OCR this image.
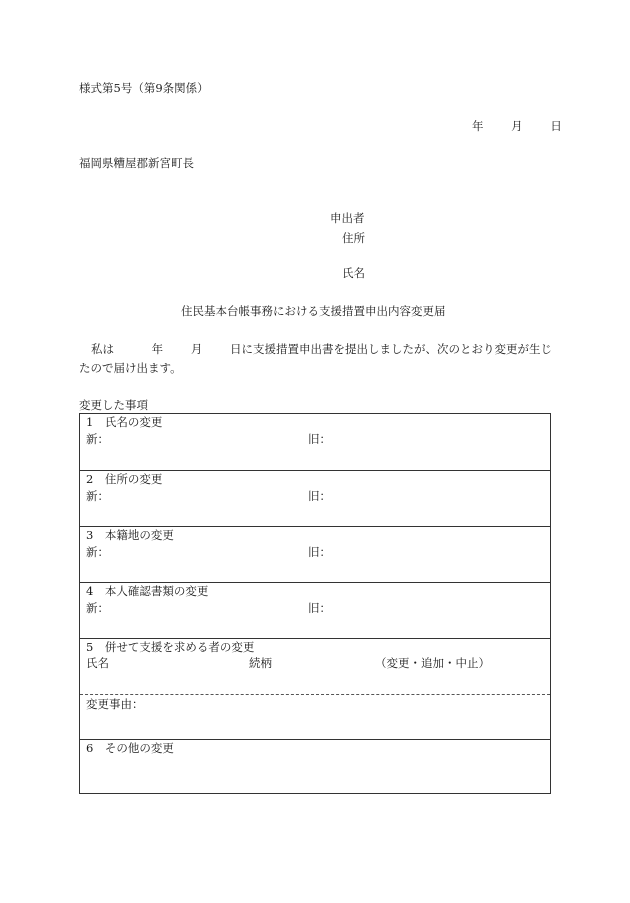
様式第5号（第9条関係）
年 月 日
福岡県糟屋郡新宮町長
申出者
住所
氏名
住民基本台帳事務における支援措置申出内容変更届
私は	年 月 日に支援措置申出書を提出しましたが、次のとおり変更が生じ
たので届け出ます。
変更した事項
1　氏名の変更
新：	旧：
2　住所の変更
新：	旧：
3　本籍地の変更
新：	旧：
4　本人確認書類の変更
新：	旧：
5　併せて支援を求める者の変更
氏名	続柄	（変更・追加・中止）
変更事由：
6　その他の変更
